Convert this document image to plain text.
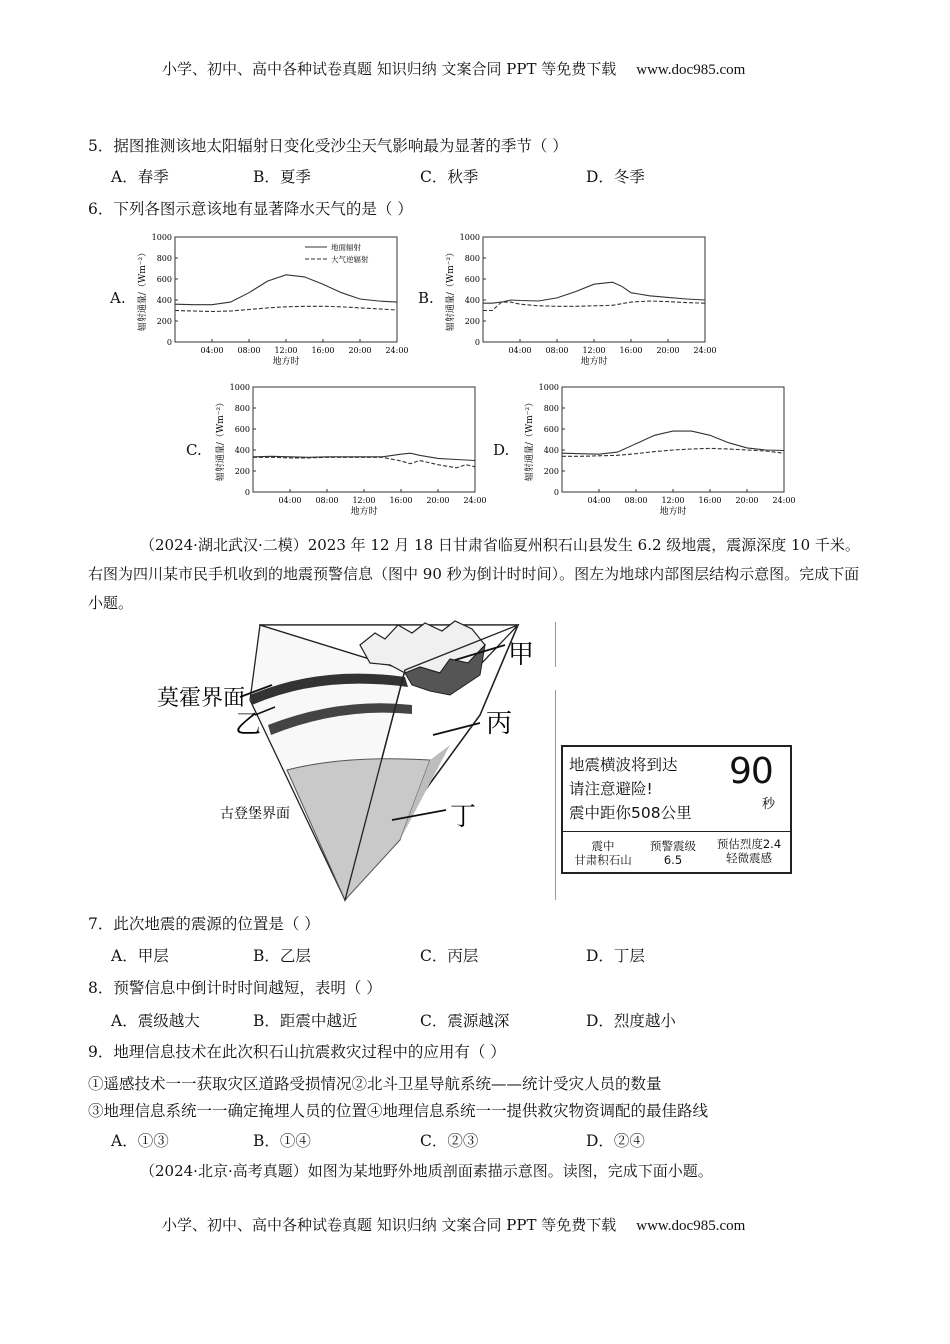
小学、初中、高中各种试卷真题 知识归纳 文案合同 PPT 等免费下载 www.doc985.com
5．据图推测该地太阳辐射日变化受沙尘天气影响最为显著的季节（ ）
A．春季	B．夏季	C．秋季	D．冬季
6．下列各图示意该地有显著降水天气的是（ ）
A.	B.
C.	D.
0
200
400
600
800
1000
04:00 08:00 12:00 16:00 20:00 24:00
地方时
辐射通量/（Wm⁻²）
地面辐射
大气逆辐射
0
200
400
600
800
1000
04:00 08:00 12:00 16:00 20:00 24:00
地方时
辐射通量/（Wm⁻²）
0
200
400
600
800
1000
04:00 08:00 12:00 16:00 20:00 24:00
地方时
辐射通量/（Wm⁻²）
0
200
400
600
800
1000
04:00 08:00 12:00 16:00 20:00 24:00
地方时
辐射通量/（Wm⁻²）
（2024·湖北武汉·二模）2023 年 12 月 18 日甘肃省临夏州积石山县发生 6.2 级地震，震源深度 10 千米。右图为四川某市民手机收到的地震预警信息（图中 90 秒为倒计时时间）。图左为地球内部图层结构示意图。完成下面小题。
甲
莫霍界面
乙	丙
古登堡界面	丁
地震横波将到达
请注意避险!
震中距你508公里
90
秒
震中
甘肃积石山
预警震级
6.5
预估烈度2.4
轻微震感
7．此次地震的震源的位置是（ ）
A．甲层	B．乙层	C．丙层	D．丁层
8．预警信息中倒计时时间越短，表明（ ）
A．震级越大	B．距震中越近	C．震源越深	D．烈度越小
9．地理信息技术在此次积石山抗震救灾过程中的应用有（ ）
①遥感技术一一获取灾区道路受损情况②北斗卫星导航系统——统计受灾人员的数量
③地理信息系统一一确定掩埋人员的位置④地理信息系统一一提供救灾物资调配的最佳路线
A．①③	B．①④	C．②③	D．②④
（2024·北京·高考真题）如图为某地野外地质剖面素描示意图。读图，完成下面小题。
小学、初中、高中各种试卷真题 知识归纳 文案合同 PPT 等免费下载 www.doc985.com
